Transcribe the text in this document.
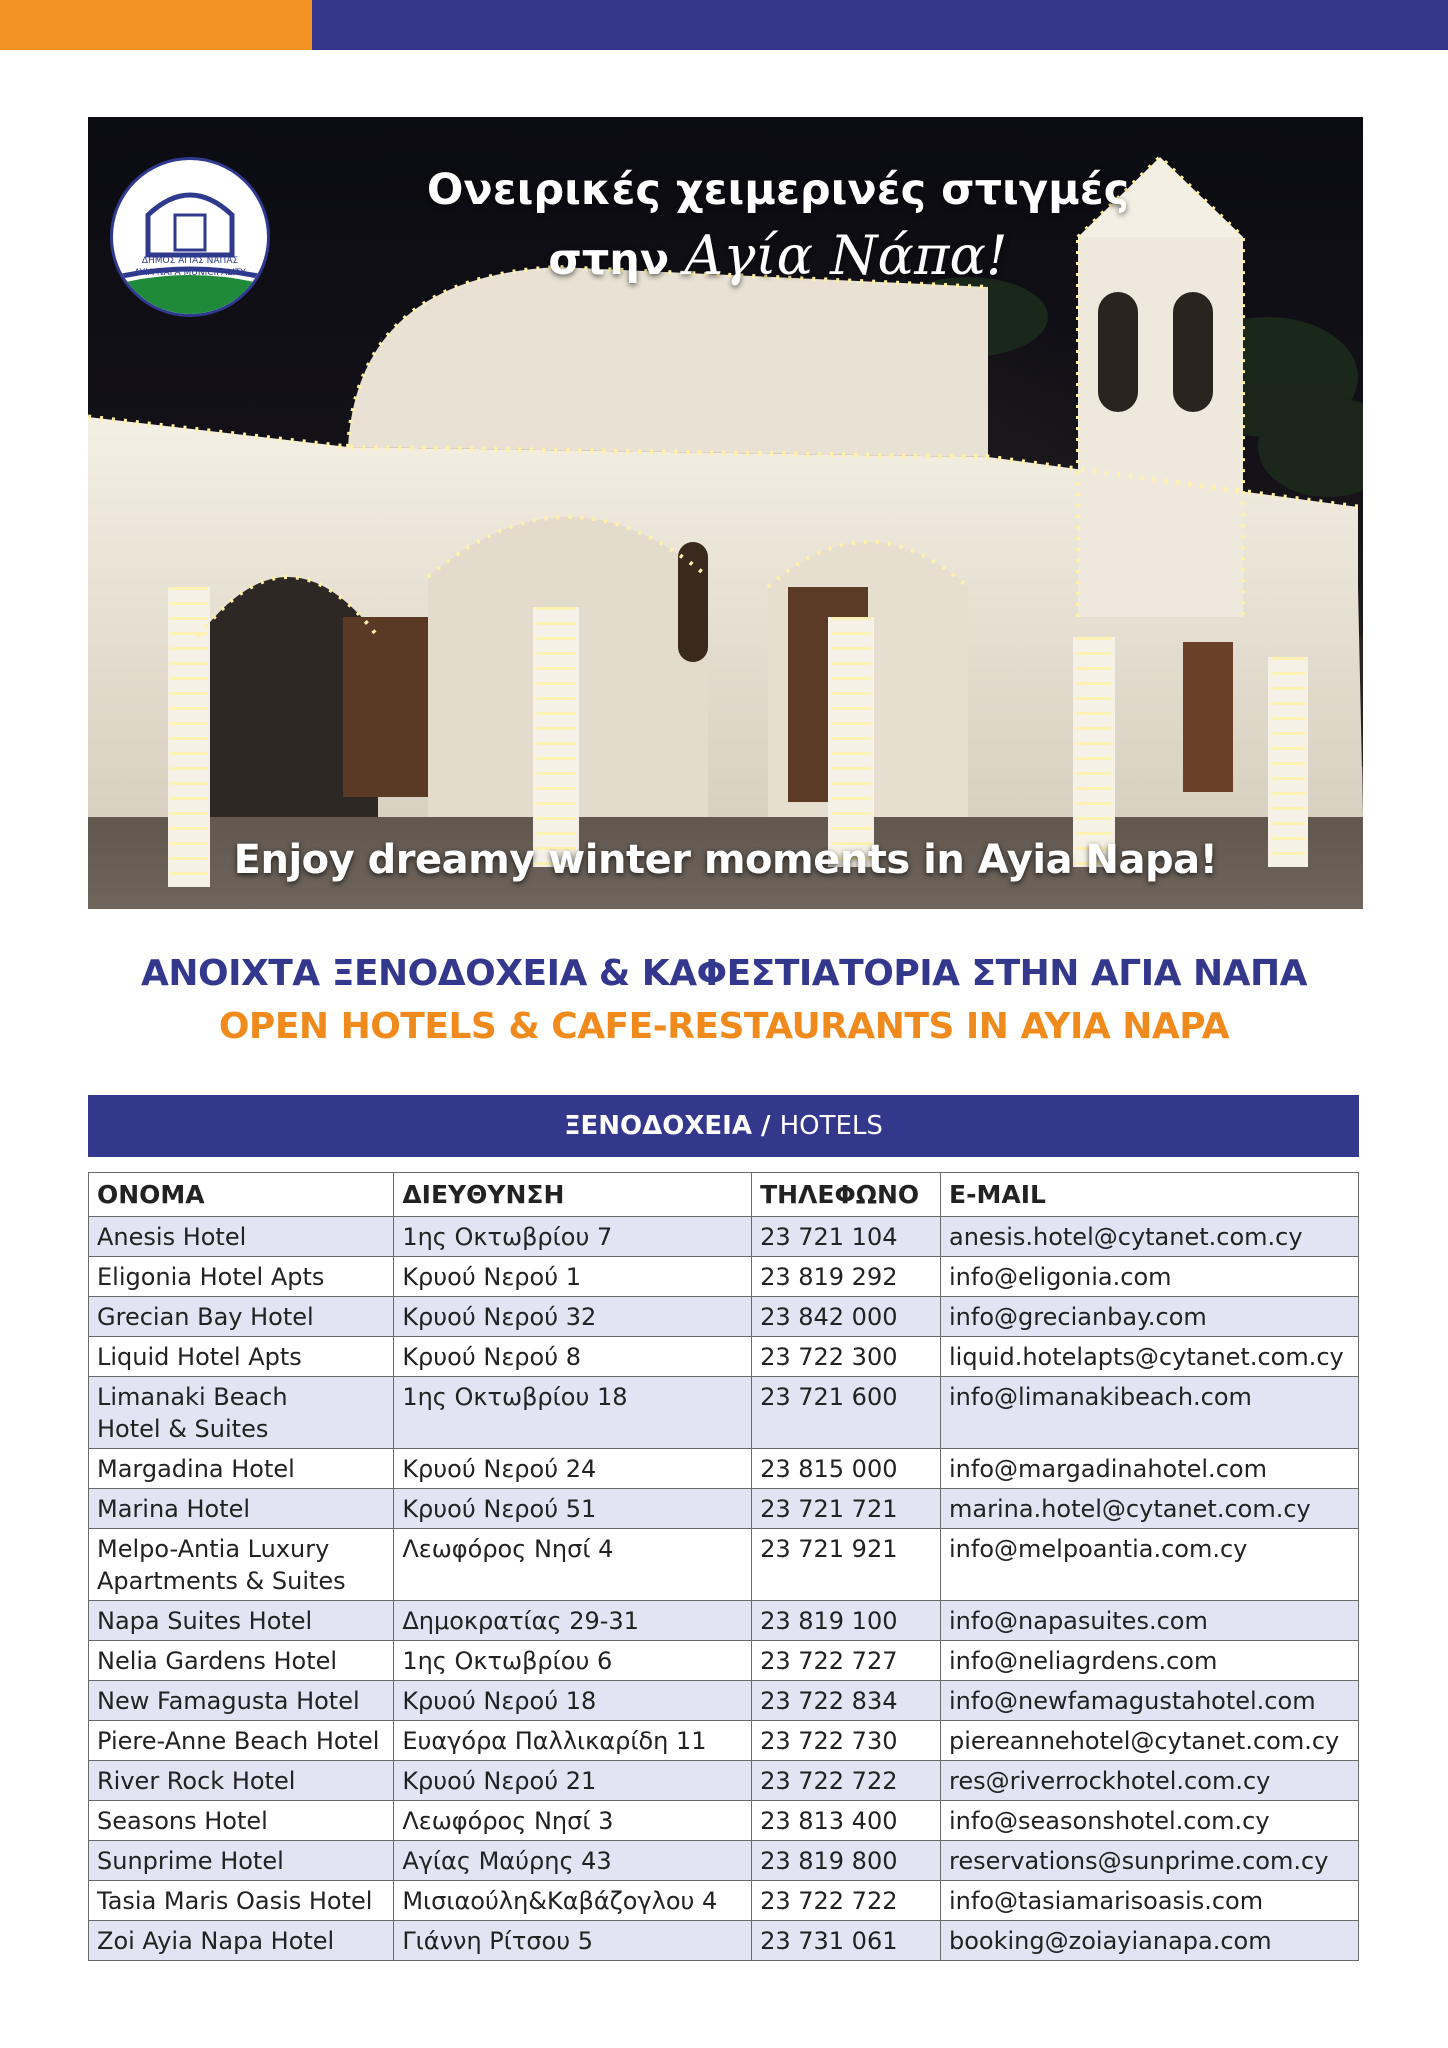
ΔΗΜΟΣ ΑΓΙΑΣ ΝΑΠΑΣ
AYIA NAPA MUNICIPALITY
Ονειρικές χειμερινές στιγμές
στην Αγία Νάπα!
Enjoy dreamy winter moments in Ayia Napa!
ΑΝΟΙΧΤΑ ΞΕΝΟΔΟΧΕΙΑ & ΚΑΦΕΣΤΙΑΤΟΡΙΑ ΣΤΗΝ ΑΓΙΑ ΝΑΠΑ
OPEN HOTELS & CAFE-RESTAURANTS IN AYIA NAPA
ΞΕΝΟΔΟΧΕΙΑ / HOTELS
ΟΝΟΜΑ	ΔΙΕΥΘΥΝΣΗ	ΤΗΛΕΦΩΝΟ	E-MAIL
Anesis Hotel	1ης Οκτωβρίου 7	23 721 104	anesis.hotel@cytanet.com.cy
Eligonia Hotel Apts	Κρυού Νερού 1	23 819 292	info@eligonia.com
Grecian Bay Hotel	Κρυού Νερού 32	23 842 000	info@grecianbay.com
Liquid Hotel Apts	Κρυού Νερού 8	23 722 300	liquid.hotelapts@cytanet.com.cy
Limanaki Beach
Hotel & Suites	1ης Οκτωβρίου 18	23 721 600	info@limanakibeach.com
Margadina Hotel	Κρυού Νερού 24	23 815 000	info@margadinahotel.com
Marina Hotel	Κρυού Νερού 51	23 721 721	marina.hotel@cytanet.com.cy
Melpo-Antia Luxury
Apartments & Suites	Λεωφόρος Νησί 4	23 721 921	info@melpoantia.com.cy
Napa Suites Hotel	Δημοκρατίας 29-31	23 819 100	info@napasuites.com
Nelia Gardens Hotel	1ης Οκτωβρίου 6	23 722 727	info@neliagrdens.com
New Famagusta Hotel	Κρυού Νερού 18	23 722 834	info@newfamagustahotel.com
Piere-Anne Beach Hotel	Ευαγόρα Παλλικαρίδη 11	23 722 730	piereannehotel@cytanet.com.cy
River Rock Hotel	Κρυού Νερού 21	23 722 722	res@riverrockhotel.com.cy
Seasons Hotel	Λεωφόρος Νησί 3	23 813 400	info@seasonshotel.com.cy
Sunprime Hotel	Αγίας Μαύρης 43	23 819 800	reservations@sunprime.com.cy
Tasia Maris Oasis Hotel	Μισιαούλη&Καβάζογλου 4	23 722 722	info@tasiamarisoasis.com
Zoi Ayia Napa Hotel	Γιάννη Ρίτσου 5	23 731 061	booking@zoiayianapa.com
